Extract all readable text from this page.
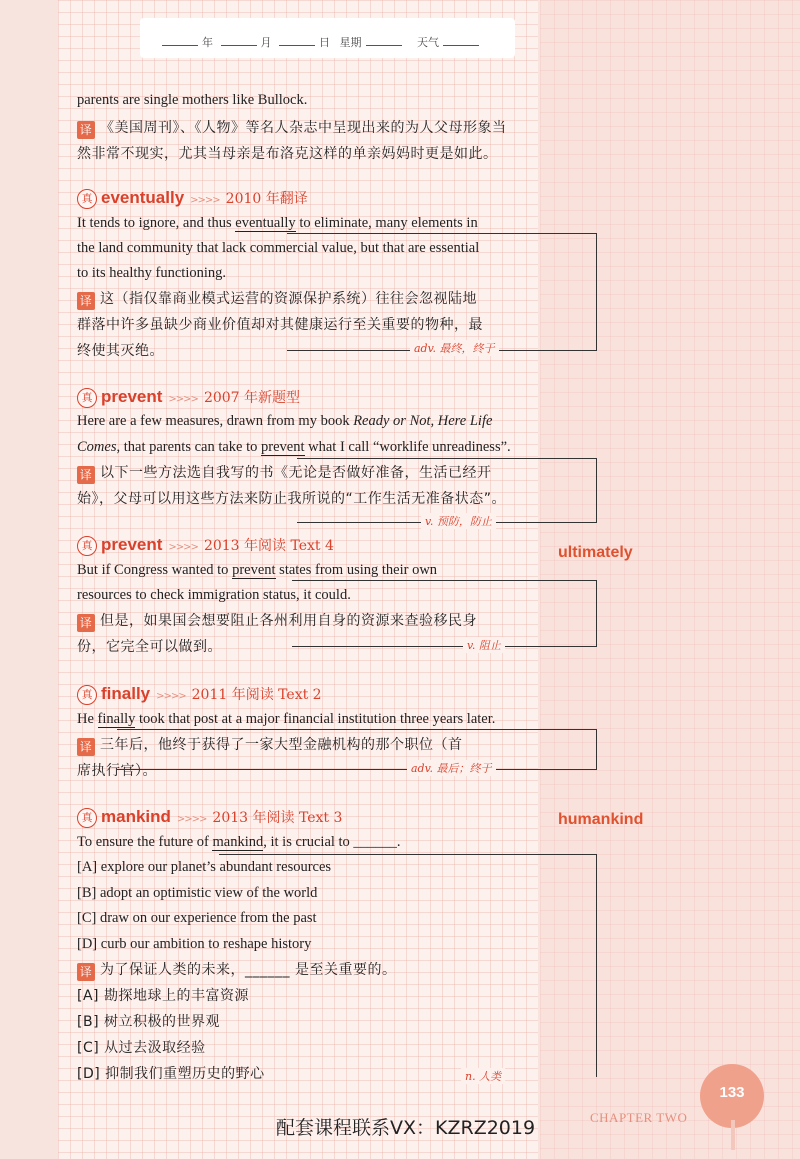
年	月	日 星期	天气
parents are single mothers like Bullock.
译 《美国周刊》、《人物》等名人杂志中呈现出来的为人父母形象当
然非常不现实，尤其当母亲是布洛克这样的单亲妈妈时更是如此。
真 eventually >>>> 2010 年翻译
It tends to ignore, and thus eventually to eliminate, many elements in
the land community that lack commercial value, but that are essential
to its healthy functioning.
译 这（指仅靠商业模式运营的资源保护系统）往往会忽视陆地
群落中许多虽缺少商业价值却对其健康运行至关重要的物种，最
终使其灭绝。	adv. 最终，终于
真 prevent >>>> 2007 年新题型
Here are a few measures, drawn from my book Ready or Not, Here Life
Comes, that parents can take to prevent what I call “worklife unreadiness”.
译 以下一些方法选自我写的书《无论是否做好准备，生活已经开
始》，父母可以用这些方法来防止我所说的“工作生活无准备状态”。
v. 预防，防止
真 prevent >>>> 2013 年阅读 Text 4
But if Congress wanted to prevent states from using their own
resources to check immigration status, it could.
译 但是，如果国会想要阻止各州利用自身的资源来查验移民身
份，它完全可以做到。	v. 阻止
真 finally >>>> 2011 年阅读 Text 2
He finally took that post at a major financial institution three years later.
译 三年后，他终于获得了一家大型金融机构的那个职位（首
席执行官）。	adv. 最后；终于
真 mankind >>>> 2013 年阅读 Text 3
To ensure the future of mankind, it is crucial to ______.
[A] explore our planet’s abundant resources
[B] adopt an optimistic view of the world
[C] draw on our experience from the past
[D] curb our ambition to reshape history
译 为了保证人类的未来，______ 是至关重要的。
[A] 勘探地球上的丰富资源
[B] 树立积极的世界观
[C] 从过去汲取经验
[D] 抑制我们重塑历史的野心	n. 人类
ultimately
humankind
133
CHAPTER TWO
配套课程联系VX：KZRZ2019
